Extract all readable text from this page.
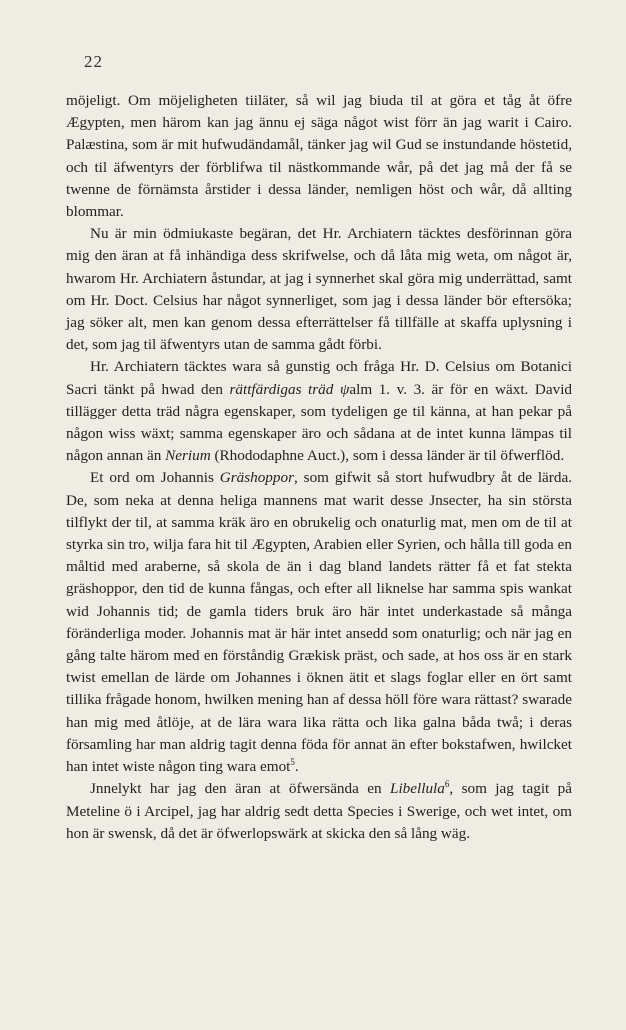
22

möjeligt. Om möjeligheten tiiläter, så wil jag biuda til at göra et tåg åt öfre Ægypten, men härom kan jag ännu ej säga något wist förr än jag warit i Cairo. Palæstina, som är mit hufwudändamål, tänker jag wil Gud se instundande höstetid, och til äfwentyrs der förblifwa til nästkommande wår, på det jag må der få se twenne de förnämsta årstider i dessa länder, nemligen höst och wår, då allting blommar.

Nu är min ödmiukaste begäran, det Hr. Archiatern täcktes desförinnan göra mig den äran at få inhändiga dess skrifwelse, och då låta mig weta, om något är, hwarom Hr. Archiatern åstundar, at jag i synnerhet skal göra mig underrättad, samt om Hr. Doct. Celsius har något synnerliget, som jag i dessa länder bör eftersöka; jag söker alt, men kan genom dessa efterrättelser få tillfälle at skaffa uplysning i det, som jag til äfwentyrs utan de samma gådt förbi.

Hr. Archiatern täcktes wara så gunstig och fråga Hr. D. Celsius om Botanici Sacri tänkt på hwad den rättfärdigas träd ψalm 1. v. 3. är för en wäxt. David tillägger detta träd några egenskaper, som tydeligen ge til känna, at han pekar på någon wiss wäxt; samma egenskaper äro och sådana at de intet kunna lämpas til någon annan än Nerium (Rhododaphne Auct.), som i dessa länder är til öfwerflöd.

Et ord om Johannis Gräshoppor, som gifwit så stort hufwudbry åt de lärda. De, som neka at denna heliga mannens mat warit desse Jnsecter, ha sin största tilflykt der til, at samma kräk äro en obrukelig och onaturlig mat, men om de til at styrka sin tro, wilja fara hit til Ægypten, Arabien eller Syrien, och hålla till goda en måltid med araberne, så skola de än i dag bland landets rätter få et fat stekta gräshoppor, den tid de kunna fångas, och efter all liknelse har samma spis wankat wid Johannis tid; de gamla tiders bruk äro här intet underkastade så många föränderliga moder. Johannis mat är här intet ansedd som onaturlig; och när jag en gång talte härom med en förståndig Grækisk präst, och sade, at hos oss är en stark twist emellan de lärde om Johannes i öknen ätit et slags foglar eller en ört samt tillika frågade honom, hwilken mening han af dessa höll före wara rättast? swarade han mig med åtlöje, at de lära wara lika rätta och lika galna båda twå; i deras församling har man aldrig tagit denna föda för annat än efter bokstafwen, hwilcket han intet wiste någon ting wara emot$^5$.

Jnnelykt har jag den äran at öfwersända en Libellula$^6$, som jag tagit på Meteline ö i Arcipel, jag har aldrig sedt detta Species i Swerige, och wet intet, om hon är swensk, då det är öfwerlopswärk at skicka den så lång wäg.
